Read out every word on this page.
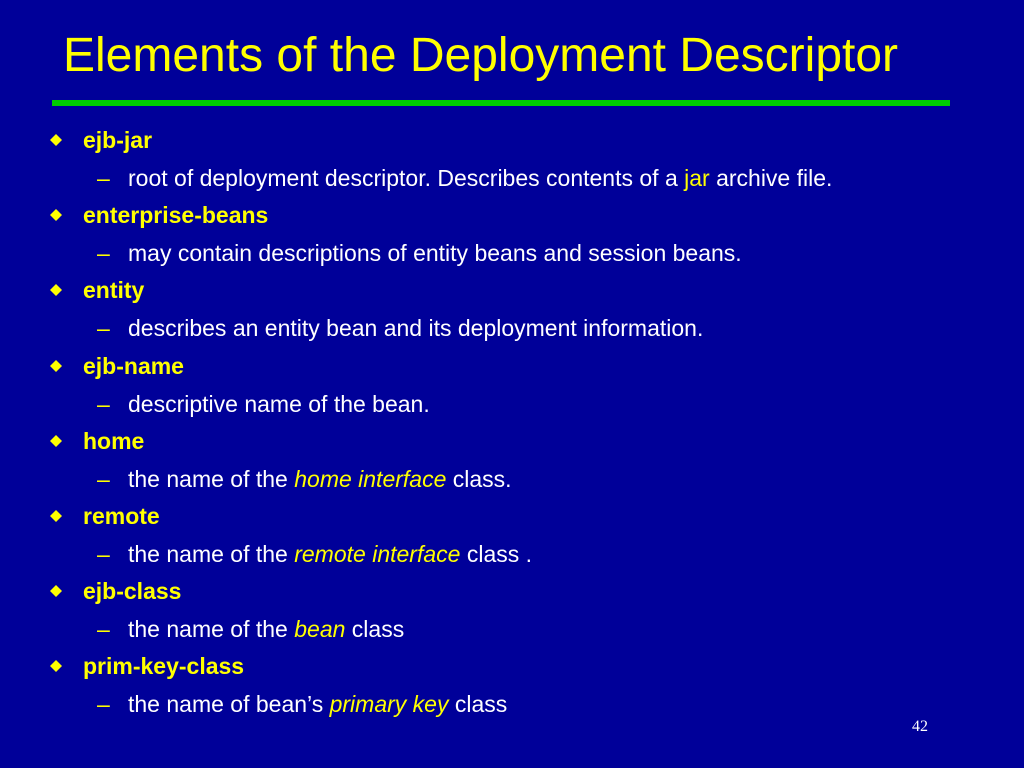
Elements of the Deployment Descriptor
ejb-jar
– root of deployment descriptor. Describes contents of a jar archive file.
enterprise-beans
– may contain descriptions of entity beans and session beans.
entity
– describes an entity bean and its deployment information.
ejb-name
– descriptive name of the bean.
home
– the name of the home interface class.
remote
– the name of the remote interface class .
ejb-class
– the name of the bean class
prim-key-class
– the name of bean’s primary key class
42
